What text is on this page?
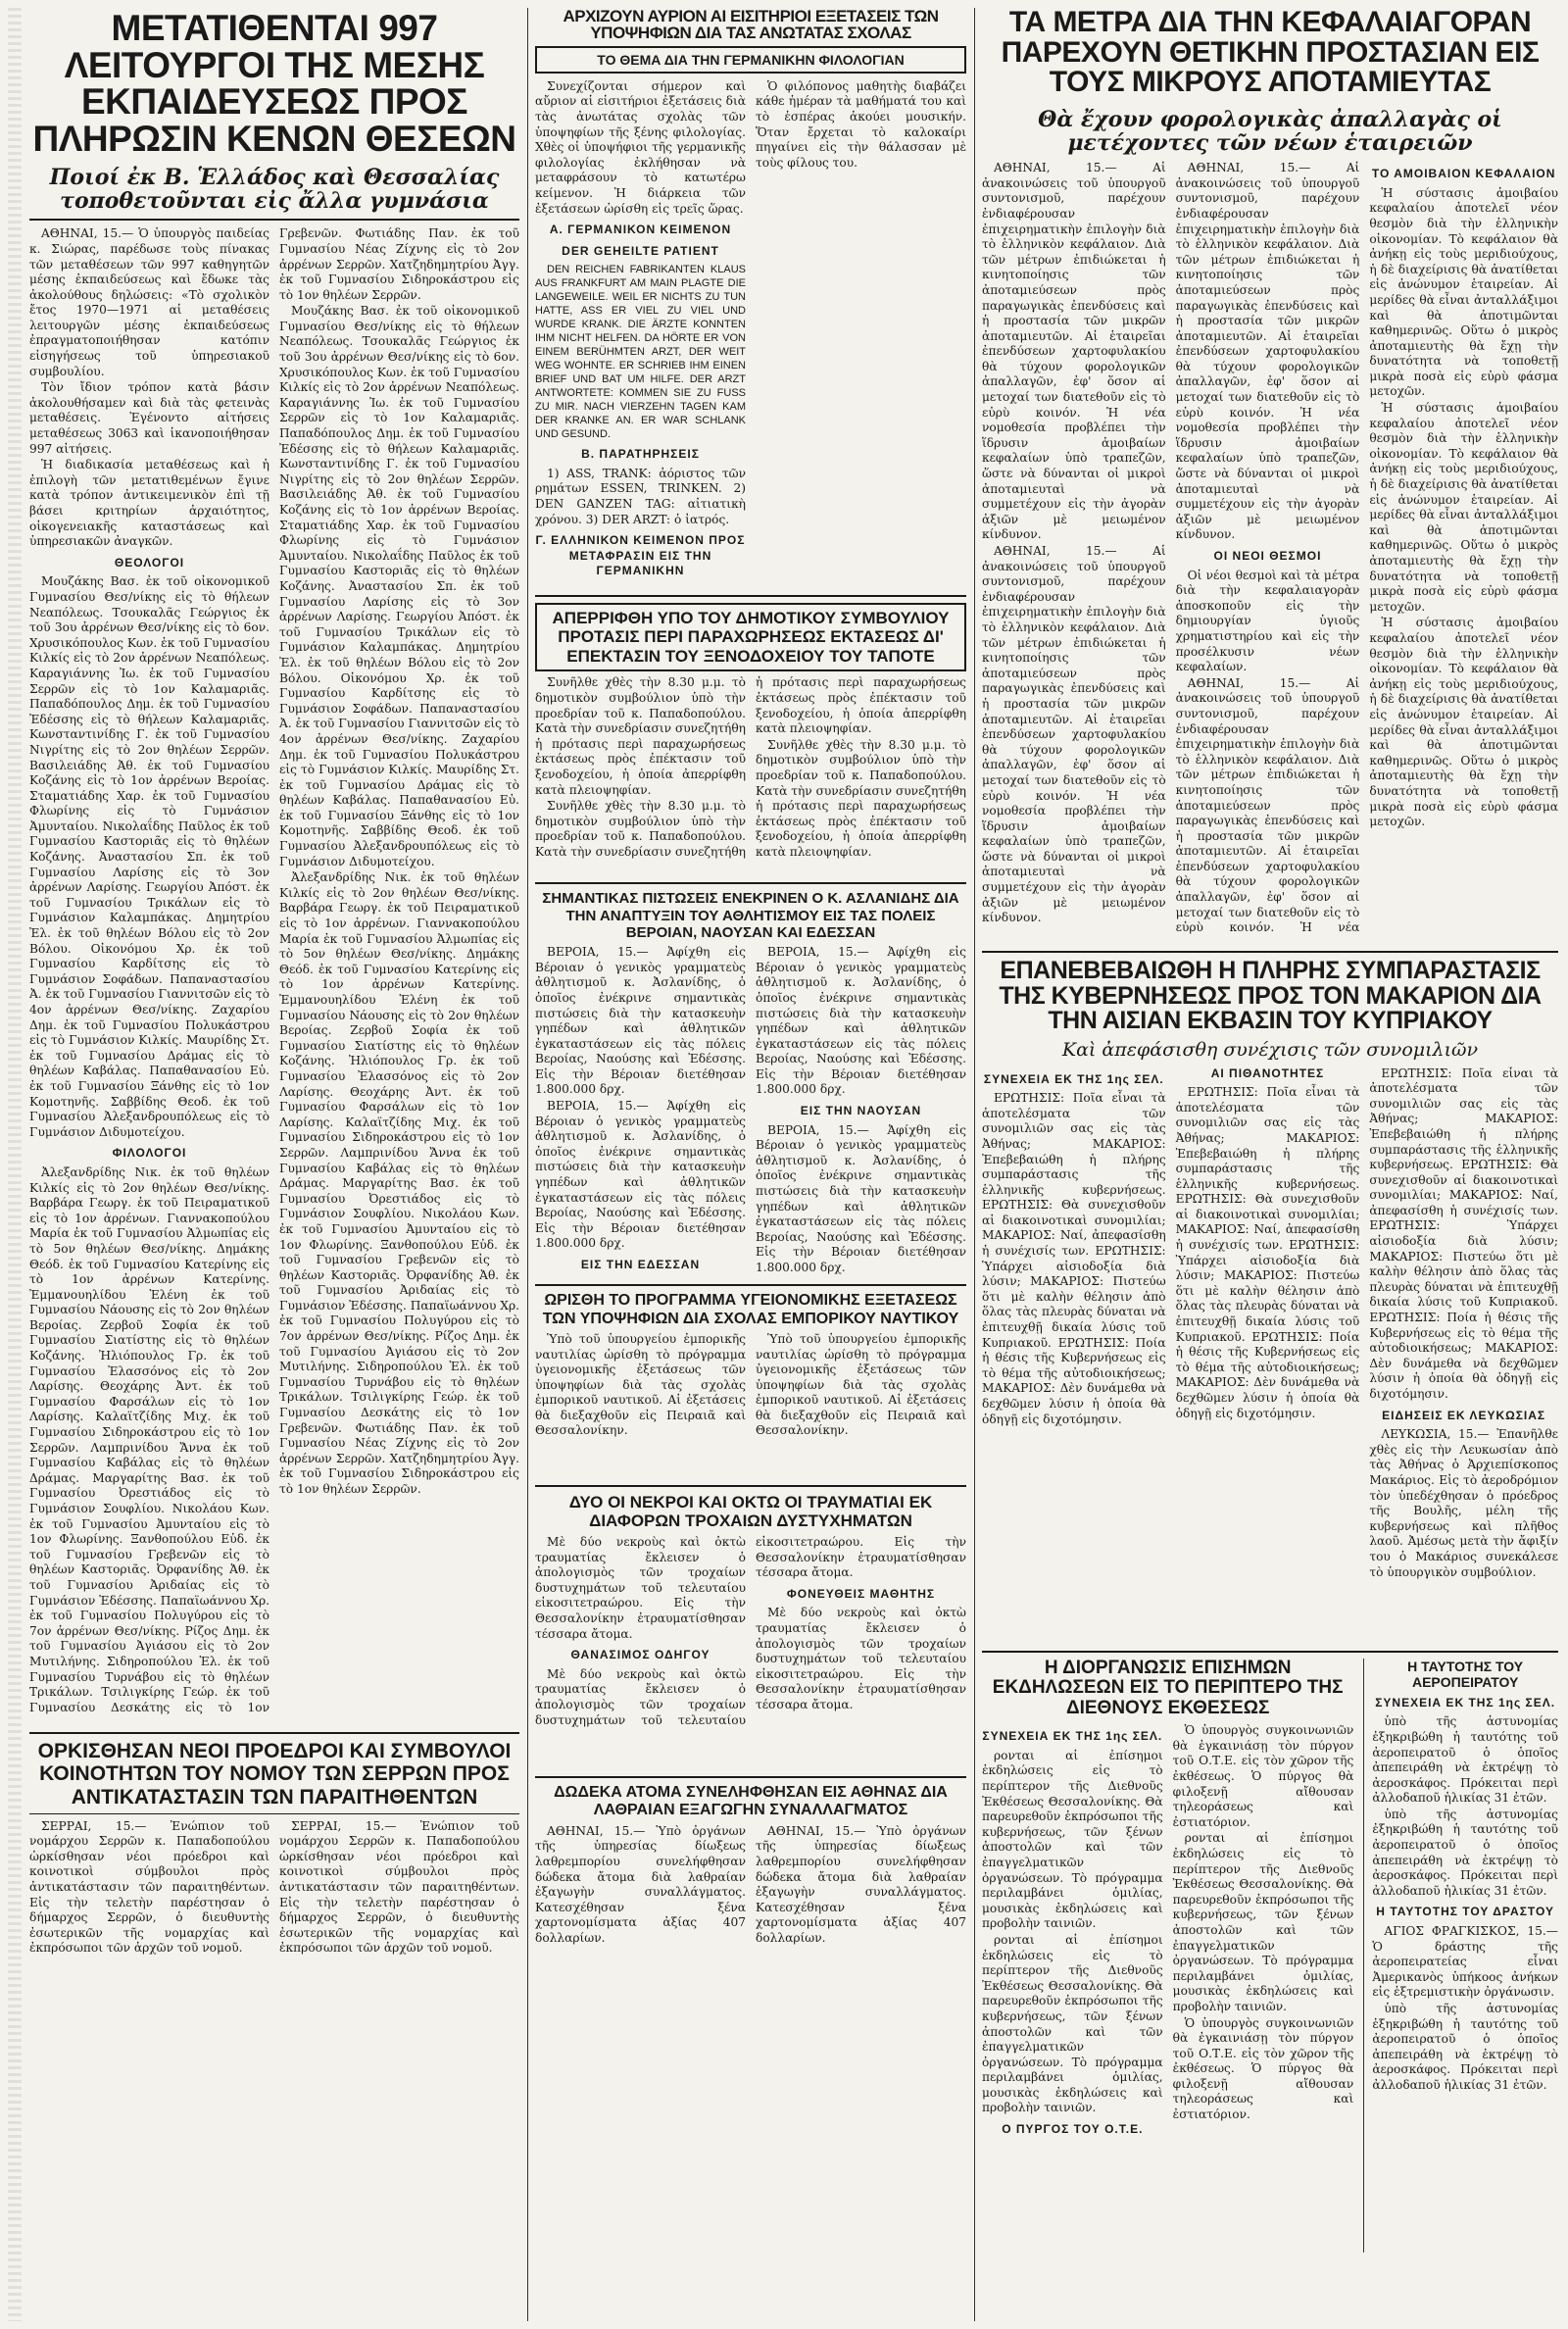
ΜΕΤΑΤΙΘΕΝΤΑΙ 997 ΛΕΙΤΟΥΡΓΟΙ ΤΗΣ ΜΕΣΗΣ ΕΚΠΑΙΔΕΥΣΕΩΣ ΠΡΟΣ ΠΛΗΡΩΣΙΝ ΚΕΝΩΝ ΘΕΣΕΩΝ
Ποιοί ἐκ Β. Ἑλλάδος καὶ Θεσσαλίας τοποθετοῦνται εἰς ἄλλα γυμνάσια

ΑΘΗΝΑΙ, 15.— Ὁ ὑπουργὸς παιδείας κ. Σιώρας, παρέδωσε τοὺς πίνακας τῶν μεταθέσεων τῶν 997 καθηγητῶν μέσης ἐκπαιδεύσεως καὶ ἔδωκε τὰς ἀκολούθους δηλώσεις: «Τὸ σχολικὸν ἔτος 1970—1971 αἱ μεταθέσεις λειτουργῶν μέσης ἐκπαιδεύσεως ἐπραγματοποιήθησαν κατόπιν εἰσηγήσεως τοῦ ὑπηρεσιακοῦ συμβουλίου.

Τὸν ἴδιον τρόπον κατὰ βάσιν ἀκολουθήσαμεν καὶ διὰ τὰς φετεινὰς μεταθέσεις. Ἐγένοντο αἰτήσεις μεταθέσεως 3063 καὶ ἱκανοποιήθησαν 997 αἰτήσεις.

Ἡ διαδικασία μεταθέσεως καὶ ἡ ἐπιλογὴ τῶν μετατιθεμένων ἔγινε κατὰ τρόπον ἀντικειμενικὸν ἐπὶ τῇ βάσει κριτηρίων ἀρχαιότητος, οἰκογενειακῆς καταστάσεως καὶ ὑπηρεσιακῶν ἀναγκῶν.

ΘΕΟΛΟΓΟΙ

Μουζάκης Βασ. ἐκ τοῦ οἰκονομικοῦ Γυμνασίου Θεσ/νίκης εἰς τὸ θήλεων Νεαπόλεως. Τσουκαλᾶς Γεώργιος ἐκ τοῦ 3ου ἀρρένων Θεσ/νίκης εἰς τὸ 6ον. Χρυσικόπουλος Κων. ἐκ τοῦ Γυμνασίου Κιλκίς εἰς τὸ 2ον ἀρρένων Νεαπόλεως. Καραγιάννης Ἰω. ἐκ τοῦ Γυμνασίου Σερρῶν εἰς τὸ 1ον Καλαμαριᾶς. Παπαδόπουλος Δημ. ἐκ τοῦ Γυμνασίου Ἐδέσσης εἰς τὸ θήλεων Καλαμαριᾶς. Κωνσταντινίδης Γ. ἐκ τοῦ Γυμνασίου Νιγρίτης εἰς τὸ 2ον θηλέων Σερρῶν. Βασιλειάδης Ἀθ. ἐκ τοῦ Γυμνασίου Κοζάνης εἰς τὸ 1ον ἀρρένων Βεροίας. Σταματιάδης Χαρ. ἐκ τοῦ Γυμνασίου Φλωρίνης εἰς τὸ Γυμνάσιον Ἀμυνταίου. Νικολαΐδης Παῦλος ἐκ τοῦ Γυμνασίου Καστοριᾶς εἰς τὸ θηλέων Κοζάνης. Ἀναστασίου Σπ. ἐκ τοῦ Γυμνασίου Λαρίσης εἰς τὸ 3ον ἀρρένων Λαρίσης. Γεωργίου Ἀπόστ. ἐκ τοῦ Γυμνασίου Τρικάλων εἰς τὸ Γυμνάσιον Καλαμπάκας. Δημητρίου Ἐλ. ἐκ τοῦ θηλέων Βόλου εἰς τὸ 2ον Βόλου. Οἰκονόμου Χρ. ἐκ τοῦ Γυμνασίου Καρδίτσης εἰς τὸ Γυμνάσιον Σοφάδων. Παπαναστασίου Ἀ. ἐκ τοῦ Γυμνασίου Γιαννιτσῶν εἰς τὸ 4ον ἀρρένων Θεσ/νίκης. Ζαχαρίου Δημ. ἐκ τοῦ Γυμνασίου Πολυκάστρου εἰς τὸ Γυμνάσιον Κιλκίς. Μαυρίδης Στ. ἐκ τοῦ Γυμνασίου Δράμας εἰς τὸ θηλέων Καβάλας. Παπαθανασίου Εὐ. ἐκ τοῦ Γυμνασίου Ξάνθης εἰς τὸ 1ον Κομοτηνῆς. Σαββίδης Θεοδ. ἐκ τοῦ Γυμνασίου Ἀλεξανδρουπόλεως εἰς τὸ Γυμνάσιον Διδυμοτείχου.

ΦΙΛΟΛΟΓΟΙ

Ἀλεξανδρίδης Νικ. ἐκ τοῦ θηλέων Κιλκίς εἰς τὸ 2ον θηλέων Θεσ/νίκης. Βαρβάρα Γεωργ. ἐκ τοῦ Πειραματικοῦ εἰς τὸ 1ον ἀρρένων. Γιαννακοπούλου Μαρία ἐκ τοῦ Γυμνασίου Ἀλμωπίας εἰς τὸ 5ον θηλέων Θεσ/νίκης. Δημάκης Θεόδ. ἐκ τοῦ Γυμνασίου Κατερίνης εἰς τὸ 1ον ἀρρένων Κατερίνης. Ἐμμανουηλίδου Ἑλένη ἐκ τοῦ Γυμνασίου Νάουσης εἰς τὸ 2ον θηλέων Βεροίας. Ζερβοῦ Σοφία ἐκ τοῦ Γυμνασίου Σιατίστης εἰς τὸ θηλέων Κοζάνης. Ἠλιόπουλος Γρ. ἐκ τοῦ Γυμνασίου Ἐλασσόνος εἰς τὸ 2ον Λαρίσης. Θεοχάρης Ἀντ. ἐκ τοῦ Γυμνασίου Φαρσάλων εἰς τὸ 1ον Λαρίσης. Καλαϊτζίδης Μιχ. ἐκ τοῦ Γυμνασίου Σιδηροκάστρου εἰς τὸ 1ον Σερρῶν. Λαμπρινίδου Ἄννα ἐκ τοῦ Γυμνασίου Καβάλας εἰς τὸ θηλέων Δράμας. Μαργαρίτης Βασ. ἐκ τοῦ Γυμνασίου Ὀρεστιάδος εἰς τὸ Γυμνάσιον Σουφλίου. Νικολάου Κων. ἐκ τοῦ Γυμνασίου Ἀμυνταίου εἰς τὸ 1ον Φλωρίνης. Ξανθοπούλου Εὐδ. ἐκ τοῦ Γυμνασίου Γρεβενῶν εἰς τὸ θηλέων Καστοριᾶς. Ὀρφανίδης Ἀθ. ἐκ τοῦ Γυμνασίου Ἀριδαίας εἰς τὸ Γυμνάσιον Ἐδέσσης. Παπαϊωάννου Χρ. ἐκ τοῦ Γυμνασίου Πολυγύρου εἰς τὸ 7ον ἀρρένων Θεσ/νίκης. Ρίζος Δημ. ἐκ τοῦ Γυμνασίου Ἀγιάσου εἰς τὸ 2ον Μυτιλήνης. Σιδηροπούλου Ἑλ. ἐκ τοῦ Γυμνασίου Τυρνάβου εἰς τὸ θηλέων Τρικάλων. Τσιλιγκίρης Γεώρ. ἐκ τοῦ Γυμνασίου Δεσκάτης εἰς τὸ 1ον Γρεβενῶν. Φωτιάδης Παν. ἐκ τοῦ Γυμνασίου Νέας Ζίχνης εἰς τὸ 2ον ἀρρένων Σερρῶν. Χατζηδημητρίου Ἀγγ. ἐκ τοῦ Γυμνασίου Σιδηροκάστρου εἰς τὸ 1ον θηλέων Σερρῶν.

Μουζάκης Βασ. ἐκ τοῦ οἰκονομικοῦ Γυμνασίου Θεσ/νίκης εἰς τὸ θήλεων Νεαπόλεως. Τσουκαλᾶς Γεώργιος ἐκ τοῦ 3ου ἀρρένων Θεσ/νίκης εἰς τὸ 6ον. Χρυσικόπουλος Κων. ἐκ τοῦ Γυμνασίου Κιλκίς εἰς τὸ 2ον ἀρρένων Νεαπόλεως. Καραγιάννης Ἰω. ἐκ τοῦ Γυμνασίου Σερρῶν εἰς τὸ 1ον Καλαμαριᾶς. Παπαδόπουλος Δημ. ἐκ τοῦ Γυμνασίου Ἐδέσσης εἰς τὸ θήλεων Καλαμαριᾶς. Κωνσταντινίδης Γ. ἐκ τοῦ Γυμνασίου Νιγρίτης εἰς τὸ 2ον θηλέων Σερρῶν. Βασιλειάδης Ἀθ. ἐκ τοῦ Γυμνασίου Κοζάνης εἰς τὸ 1ον ἀρρένων Βεροίας. Σταματιάδης Χαρ. ἐκ τοῦ Γυμνασίου Φλωρίνης εἰς τὸ Γυμνάσιον Ἀμυνταίου. Νικολαΐδης Παῦλος ἐκ τοῦ Γυμνασίου Καστοριᾶς εἰς τὸ θηλέων Κοζάνης. Ἀναστασίου Σπ. ἐκ τοῦ Γυμνασίου Λαρίσης εἰς τὸ 3ον ἀρρένων Λαρίσης. Γεωργίου Ἀπόστ. ἐκ τοῦ Γυμνασίου Τρικάλων εἰς τὸ Γυμνάσιον Καλαμπάκας. Δημητρίου Ἐλ. ἐκ τοῦ θηλέων Βόλου εἰς τὸ 2ον Βόλου. Οἰκονόμου Χρ. ἐκ τοῦ Γυμνασίου Καρδίτσης εἰς τὸ Γυμνάσιον Σοφάδων. Παπαναστασίου Ἀ. ἐκ τοῦ Γυμνασίου Γιαννιτσῶν εἰς τὸ 4ον ἀρρένων Θεσ/νίκης. Ζαχαρίου Δημ. ἐκ τοῦ Γυμνασίου Πολυκάστρου εἰς τὸ Γυμνάσιον Κιλκίς. Μαυρίδης Στ. ἐκ τοῦ Γυμνασίου Δράμας εἰς τὸ θηλέων Καβάλας. Παπαθανασίου Εὐ. ἐκ τοῦ Γυμνασίου Ξάνθης εἰς τὸ 1ον Κομοτηνῆς. Σαββίδης Θεοδ. ἐκ τοῦ Γυμνασίου Ἀλεξανδρουπόλεως εἰς τὸ Γυμνάσιον Διδυμοτείχου.

Ἀλεξανδρίδης Νικ. ἐκ τοῦ θηλέων Κιλκίς εἰς τὸ 2ον θηλέων Θεσ/νίκης. Βαρβάρα Γεωργ. ἐκ τοῦ Πειραματικοῦ εἰς τὸ 1ον ἀρρένων. Γιαννακοπούλου Μαρία ἐκ τοῦ Γυμνασίου Ἀλμωπίας εἰς τὸ 5ον θηλέων Θεσ/νίκης. Δημάκης Θεόδ. ἐκ τοῦ Γυμνασίου Κατερίνης εἰς τὸ 1ον ἀρρένων Κατερίνης. Ἐμμανουηλίδου Ἑλένη ἐκ τοῦ Γυμνασίου Νάουσης εἰς τὸ 2ον θηλέων Βεροίας. Ζερβοῦ Σοφία ἐκ τοῦ Γυμνασίου Σιατίστης εἰς τὸ θηλέων Κοζάνης. Ἠλιόπουλος Γρ. ἐκ τοῦ Γυμνασίου Ἐλασσόνος εἰς τὸ 2ον Λαρίσης. Θεοχάρης Ἀντ. ἐκ τοῦ Γυμνασίου Φαρσάλων εἰς τὸ 1ον Λαρίσης. Καλαϊτζίδης Μιχ. ἐκ τοῦ Γυμνασίου Σιδηροκάστρου εἰς τὸ 1ον Σερρῶν. Λαμπρινίδου Ἄννα ἐκ τοῦ Γυμνασίου Καβάλας εἰς τὸ θηλέων Δράμας. Μαργαρίτης Βασ. ἐκ τοῦ Γυμνασίου Ὀρεστιάδος εἰς τὸ Γυμνάσιον Σουφλίου. Νικολάου Κων. ἐκ τοῦ Γυμνασίου Ἀμυνταίου εἰς τὸ 1ον Φλωρίνης. Ξανθοπούλου Εὐδ. ἐκ τοῦ Γυμνασίου Γρεβενῶν εἰς τὸ θηλέων Καστοριᾶς. Ὀρφανίδης Ἀθ. ἐκ τοῦ Γυμνασίου Ἀριδαίας εἰς τὸ Γυμνάσιον Ἐδέσσης. Παπαϊωάννου Χρ. ἐκ τοῦ Γυμνασίου Πολυγύρου εἰς τὸ 7ον ἀρρένων Θεσ/νίκης. Ρίζος Δημ. ἐκ τοῦ Γυμνασίου Ἀγιάσου εἰς τὸ 2ον Μυτιλήνης. Σιδηροπούλου Ἑλ. ἐκ τοῦ Γυμνασίου Τυρνάβου εἰς τὸ θηλέων Τρικάλων. Τσιλιγκίρης Γεώρ. ἐκ τοῦ Γυμνασίου Δεσκάτης εἰς τὸ 1ον Γρεβενῶν. Φωτιάδης Παν. ἐκ τοῦ Γυμνασίου Νέας Ζίχνης εἰς τὸ 2ον ἀρρένων Σερρῶν. Χατζηδημητρίου Ἀγγ. ἐκ τοῦ Γυμνασίου Σιδηροκάστρου εἰς τὸ 1ον θηλέων Σερρῶν.

ΟΡΚΙΣΘΗΣΑΝ ΝΕΟΙ ΠΡΟΕΔΡΟΙ ΚΑΙ ΣΥΜΒΟΥΛΟΙ ΚΟΙΝΟΤΗΤΩΝ ΤΟΥ ΝΟΜΟΥ ΤΩΝ ΣΕΡΡΩΝ ΠΡΟΣ ΑΝΤΙΚΑΤΑΣΤΑΣΙΝ ΤΩΝ ΠΑΡΑΙΤΗΘΕΝΤΩΝ

ΣΕΡΡΑΙ, 15.— Ἐνώπιον τοῦ νομάρχου Σερρῶν κ. Παπαδοπούλου ὡρκίσθησαν νέοι πρόεδροι καὶ κοινοτικοὶ σύμβουλοι πρὸς ἀντικατάστασιν τῶν παραιτηθέντων. Εἰς τὴν τελετὴν παρέστησαν ὁ δήμαρχος Σερρῶν, ὁ διευθυντὴς ἐσωτερικῶν τῆς νομαρχίας καὶ ἐκπρόσωποι τῶν ἀρχῶν τοῦ νομοῦ.

ΣΕΡΡΑΙ, 15.— Ἐνώπιον τοῦ νομάρχου Σερρῶν κ. Παπαδοπούλου ὡρκίσθησαν νέοι πρόεδροι καὶ κοινοτικοὶ σύμβουλοι πρὸς ἀντικατάστασιν τῶν παραιτηθέντων. Εἰς τὴν τελετὴν παρέστησαν ὁ δήμαρχος Σερρῶν, ὁ διευθυντὴς ἐσωτερικῶν τῆς νομαρχίας καὶ ἐκπρόσωποι τῶν ἀρχῶν τοῦ νομοῦ.

ΑΡΧΙΖΟΥΝ ΑΥΡΙΟΝ ΑΙ ΕΙΣΙΤΗΡΙΟΙ ΕΞΕΤΑΣΕΙΣ ΤΩΝ ΥΠΟΨΗΦΙΩΝ ΔΙΑ ΤΑΣ ΑΝΩΤΑΤΑΣ ΣΧΟΛΑΣ
ΤΟ ΘΕΜΑ ΔΙΑ ΤΗΝ ΓΕΡΜΑΝΙΚΗΝ ΦΙΛΟΛΟΓΙΑΝ

Συνεχίζονται σήμερον καὶ αὔριον αἱ εἰσιτήριοι ἐξετάσεις διὰ τὰς ἀνωτάτας σχολὰς τῶν ὑποψηφίων τῆς ξένης φιλολογίας. Χθὲς οἱ ὑποψήφιοι τῆς γερμανικῆς φιλολογίας ἐκλήθησαν νὰ μεταφράσουν τὸ κατωτέρω κείμενον. Ἡ διάρκεια τῶν ἐξετάσεων ὡρίσθη εἰς τρεῖς ὥρας.

Α. ΓΕΡΜΑΝΙΚΟΝ ΚΕΙΜΕΝΟΝ
DER GEHEILTE PATIENT

DEN REICHEN FABRIKANTEN KLAUS AUS FRANKFURT AM MAIN PLAGTE DIE LANGEWEILE. WEIL ER NICHTS ZU TUN HATTE, ASS ER VIEL ZU VIEL UND WURDE KRANK. DIE ÄRZTE KONNTEN IHM NICHT HELFEN. DA HÖRTE ER VON EINEM BERÜHMTEN ARZT, DER WEIT WEG WOHNTE. ER SCHRIEB IHM EINEN BRIEF UND BAT UM HILFE. DER ARZT ANTWORTETE: KOMMEN SIE ZU FUSS ZU MIR. NACH VIERZEHN TAGEN KAM DER KRANKE AN. ER WAR SCHLANK UND GESUND.

Β. ΠΑΡΑΤΗΡΗΣΕΙΣ

1) ASS, TRANK: ἀόριστος τῶν ρημάτων ESSEN, TRINKEN. 2) DEN GANZEN TAG: αἰτιατικὴ χρόνου. 3) DER ARZT: ὁ ἰατρός.

Γ. ΕΛΛΗΝΙΚΟΝ ΚΕΙΜΕΝΟΝ ΠΡΟΣ ΜΕΤΑΦΡΑΣΙΝ ΕΙΣ ΤΗΝ ΓΕΡΜΑΝΙΚΗΝ

Ὁ φιλόπονος μαθητὴς διαβάζει κάθε ἡμέραν τὰ μαθήματά του καὶ τὸ ἑσπέρας ἀκούει μουσικήν. Ὅταν ἔρχεται τὸ καλοκαίρι πηγαίνει εἰς τὴν θάλασσαν μὲ τοὺς φίλους του.

ΑΠΕΡΡΙΦΘΗ ΥΠΟ ΤΟΥ ΔΗΜΟΤΙΚΟΥ ΣΥΜΒΟΥΛΙΟΥ ΠΡΟΤΑΣΙΣ ΠΕΡΙ ΠΑΡΑΧΩΡΗΣΕΩΣ ΕΚΤΑΣΕΩΣ ΔΙ' ΕΠΕΚΤΑΣΙΝ ΤΟΥ ΞΕΝΟΔΟΧΕΙΟΥ ΤΟΥ ΤΑΠΟΤΕ

Συνῆλθε χθὲς τὴν 8.30 μ.μ. τὸ δημοτικὸν συμβούλιον ὑπὸ τὴν προεδρίαν τοῦ κ. Παπαδοπούλου. Κατὰ τὴν συνεδρίασιν συνεζητήθη ἡ πρότασις περὶ παραχωρήσεως ἐκτάσεως πρὸς ἐπέκτασιν τοῦ ξενοδοχείου, ἡ ὁποία ἀπερρίφθη κατὰ πλειοψηφίαν.

Συνῆλθε χθὲς τὴν 8.30 μ.μ. τὸ δημοτικὸν συμβούλιον ὑπὸ τὴν προεδρίαν τοῦ κ. Παπαδοπούλου. Κατὰ τὴν συνεδρίασιν συνεζητήθη ἡ πρότασις περὶ παραχωρήσεως ἐκτάσεως πρὸς ἐπέκτασιν τοῦ ξενοδοχείου, ἡ ὁποία ἀπερρίφθη κατὰ πλειοψηφίαν.

Συνῆλθε χθὲς τὴν 8.30 μ.μ. τὸ δημοτικὸν συμβούλιον ὑπὸ τὴν προεδρίαν τοῦ κ. Παπαδοπούλου. Κατὰ τὴν συνεδρίασιν συνεζητήθη ἡ πρότασις περὶ παραχωρήσεως ἐκτάσεως πρὸς ἐπέκτασιν τοῦ ξενοδοχείου, ἡ ὁποία ἀπερρίφθη κατὰ πλειοψηφίαν.

ΣΗΜΑΝΤΙΚΑΣ ΠΙΣΤΩΣΕΙΣ ΕΝΕΚΡΙΝΕΝ Ο Κ. ΑΣΛΑΝΙΔΗΣ ΔΙΑ ΤΗΝ ΑΝΑΠΤΥΞΙΝ ΤΟΥ ΑΘΛΗΤΙΣΜΟΥ ΕΙΣ ΤΑΣ ΠΟΛΕΙΣ ΒΕΡΟΙΑΝ, ΝΑΟΥΣΑΝ ΚΑΙ ΕΔΕΣΣΑΝ

ΒΕΡΟΙΑ, 15.— Ἀφίχθη εἰς Βέροιαν ὁ γενικὸς γραμματεὺς ἀθλητισμοῦ κ. Ἀσλανίδης, ὁ ὁποῖος ἐνέκρινε σημαντικὰς πιστώσεις διὰ τὴν κατασκευὴν γηπέδων καὶ ἀθλητικῶν ἐγκαταστάσεων εἰς τὰς πόλεις Βεροίας, Ναούσης καὶ Ἐδέσσης. Εἰς τὴν Βέροιαν διετέθησαν 1.800.000 δρχ.

ΒΕΡΟΙΑ, 15.— Ἀφίχθη εἰς Βέροιαν ὁ γενικὸς γραμματεὺς ἀθλητισμοῦ κ. Ἀσλανίδης, ὁ ὁποῖος ἐνέκρινε σημαντικὰς πιστώσεις διὰ τὴν κατασκευὴν γηπέδων καὶ ἀθλητικῶν ἐγκαταστάσεων εἰς τὰς πόλεις Βεροίας, Ναούσης καὶ Ἐδέσσης. Εἰς τὴν Βέροιαν διετέθησαν 1.800.000 δρχ.

ΕΙΣ ΤΗΝ ΕΔΕΣΣΑΝ

ΒΕΡΟΙΑ, 15.— Ἀφίχθη εἰς Βέροιαν ὁ γενικὸς γραμματεὺς ἀθλητισμοῦ κ. Ἀσλανίδης, ὁ ὁποῖος ἐνέκρινε σημαντικὰς πιστώσεις διὰ τὴν κατασκευὴν γηπέδων καὶ ἀθλητικῶν ἐγκαταστάσεων εἰς τὰς πόλεις Βεροίας, Ναούσης καὶ Ἐδέσσης. Εἰς τὴν Βέροιαν διετέθησαν 1.800.000 δρχ.

ΕΙΣ ΤΗΝ ΝΑΟΥΣΑΝ

ΒΕΡΟΙΑ, 15.— Ἀφίχθη εἰς Βέροιαν ὁ γενικὸς γραμματεὺς ἀθλητισμοῦ κ. Ἀσλανίδης, ὁ ὁποῖος ἐνέκρινε σημαντικὰς πιστώσεις διὰ τὴν κατασκευὴν γηπέδων καὶ ἀθλητικῶν ἐγκαταστάσεων εἰς τὰς πόλεις Βεροίας, Ναούσης καὶ Ἐδέσσης. Εἰς τὴν Βέροιαν διετέθησαν 1.800.000 δρχ.

ΩΡΙΣΘΗ ΤΟ ΠΡΟΓΡΑΜΜΑ ΥΓΕΙΟΝΟΜΙΚΗΣ ΕΞΕΤΑΣΕΩΣ ΤΩΝ ΥΠΟΨΗΦΙΩΝ ΔΙΑ ΣΧΟΛΑΣ ΕΜΠΟΡΙΚΟΥ ΝΑΥΤΙΚΟΥ

Ὑπὸ τοῦ ὑπουργείου ἐμπορικῆς ναυτιλίας ὡρίσθη τὸ πρόγραμμα ὑγειονομικῆς ἐξετάσεως τῶν ὑποψηφίων διὰ τὰς σχολὰς ἐμπορικοῦ ναυτικοῦ. Αἱ ἐξετάσεις θὰ διεξαχθοῦν εἰς Πειραιᾶ καὶ Θεσσαλονίκην.

Ὑπὸ τοῦ ὑπουργείου ἐμπορικῆς ναυτιλίας ὡρίσθη τὸ πρόγραμμα ὑγειονομικῆς ἐξετάσεως τῶν ὑποψηφίων διὰ τὰς σχολὰς ἐμπορικοῦ ναυτικοῦ. Αἱ ἐξετάσεις θὰ διεξαχθοῦν εἰς Πειραιᾶ καὶ Θεσσαλονίκην.

ΔΥΟ ΟΙ ΝΕΚΡΟΙ ΚΑΙ ΟΚΤΩ ΟΙ ΤΡΑΥΜΑΤΙΑΙ ΕΚ ΔΙΑΦΟΡΩΝ ΤΡΟΧΑΙΩΝ ΔΥΣΤΥΧΗΜΑΤΩΝ

Μὲ δύο νεκροὺς καὶ ὀκτὼ τραυματίας ἔκλεισεν ὁ ἀπολογισμὸς τῶν τροχαίων δυστυχημάτων τοῦ τελευταίου εἰκοσιτετραώρου. Εἰς τὴν Θεσσαλονίκην ἐτραυματίσθησαν τέσσαρα ἄτομα.

ΘΑΝΑΣΙΜΟΣ ΟΔΗΓΟΥ

Μὲ δύο νεκροὺς καὶ ὀκτὼ τραυματίας ἔκλεισεν ὁ ἀπολογισμὸς τῶν τροχαίων δυστυχημάτων τοῦ τελευταίου εἰκοσιτετραώρου. Εἰς τὴν Θεσσαλονίκην ἐτραυματίσθησαν τέσσαρα ἄτομα.

ΦΟΝΕΥΘΕΙΣ ΜΑΘΗΤΗΣ

Μὲ δύο νεκροὺς καὶ ὀκτὼ τραυματίας ἔκλεισεν ὁ ἀπολογισμὸς τῶν τροχαίων δυστυχημάτων τοῦ τελευταίου εἰκοσιτετραώρου. Εἰς τὴν Θεσσαλονίκην ἐτραυματίσθησαν τέσσαρα ἄτομα.

ΔΩΔΕΚΑ ΑΤΟΜΑ ΣΥΝΕΛΗΦΘΗΣΑΝ ΕΙΣ ΑΘΗΝΑΣ ΔΙΑ ΛΑΘΡΑΙΑΝ ΕΞΑΓΩΓΗΝ ΣΥΝΑΛΛΑΓΜΑΤΟΣ

ΑΘΗΝΑΙ, 15.— Ὑπὸ ὀργάνων τῆς ὑπηρεσίας δίωξεως λαθρεμπορίου συνελήφθησαν δώδεκα ἄτομα διὰ λαθραίαν ἐξαγωγὴν συναλλάγματος. Κατεσχέθησαν ξένα χαρτονομίσματα ἀξίας 407 δολλαρίων.

ΑΘΗΝΑΙ, 15.— Ὑπὸ ὀργάνων τῆς ὑπηρεσίας δίωξεως λαθρεμπορίου συνελήφθησαν δώδεκα ἄτομα διὰ λαθραίαν ἐξαγωγὴν συναλλάγματος. Κατεσχέθησαν ξένα χαρτονομίσματα ἀξίας 407 δολλαρίων.

ΤΑ ΜΕΤΡΑ ΔΙΑ ΤΗΝ ΚΕΦΑΛΑΙΑΓΟΡΑΝ ΠΑΡΕΧΟΥΝ ΘΕΤΙΚΗΝ ΠΡΟΣΤΑΣΙΑΝ ΕΙΣ ΤΟΥΣ ΜΙΚΡΟΥΣ ΑΠΟΤΑΜΙΕΥΤΑΣ
Θὰ ἔχουν φορολογικὰς ἀπαλλαγὰς οἱ μετέχοντες τῶν νέων ἑταιρειῶν

ΑΘΗΝΑΙ, 15.— Αἱ ἀνακοινώσεις τοῦ ὑπουργοῦ συντονισμοῦ, παρέχουν ἐνδιαφέρουσαν ἐπιχειρηματικὴν ἐπιλογὴν διὰ τὸ ἑλληνικὸν κεφάλαιον. Διὰ τῶν μέτρων ἐπιδιώκεται ἡ κινητοποίησις τῶν ἀποταμιεύσεων πρὸς παραγωγικὰς ἐπενδύσεις καὶ ἡ προστασία τῶν μικρῶν ἀποταμιευτῶν. Αἱ ἑταιρεῖαι ἐπενδύσεων χαρτοφυλακίου θὰ τύχουν φορολογικῶν ἀπαλλαγῶν, ἐφ' ὅσον αἱ μετοχαί των διατεθοῦν εἰς τὸ εὐρὺ κοινόν. Ἡ νέα νομοθεσία προβλέπει τὴν ἵδρυσιν ἀμοιβαίων κεφαλαίων ὑπὸ τραπεζῶν, ὥστε νὰ δύνανται οἱ μικροὶ ἀποταμιευταὶ νὰ συμμετέχουν εἰς τὴν ἀγορὰν ἀξιῶν μὲ μειωμένον κίνδυνον.

ΑΘΗΝΑΙ, 15.— Αἱ ἀνακοινώσεις τοῦ ὑπουργοῦ συντονισμοῦ, παρέχουν ἐνδιαφέρουσαν ἐπιχειρηματικὴν ἐπιλογὴν διὰ τὸ ἑλληνικὸν κεφάλαιον. Διὰ τῶν μέτρων ἐπιδιώκεται ἡ κινητοποίησις τῶν ἀποταμιεύσεων πρὸς παραγωγικὰς ἐπενδύσεις καὶ ἡ προστασία τῶν μικρῶν ἀποταμιευτῶν. Αἱ ἑταιρεῖαι ἐπενδύσεων χαρτοφυλακίου θὰ τύχουν φορολογικῶν ἀπαλλαγῶν, ἐφ' ὅσον αἱ μετοχαί των διατεθοῦν εἰς τὸ εὐρὺ κοινόν. Ἡ νέα νομοθεσία προβλέπει τὴν ἵδρυσιν ἀμοιβαίων κεφαλαίων ὑπὸ τραπεζῶν, ὥστε νὰ δύνανται οἱ μικροὶ ἀποταμιευταὶ νὰ συμμετέχουν εἰς τὴν ἀγορὰν ἀξιῶν μὲ μειωμένον κίνδυνον.

ΑΘΗΝΑΙ, 15.— Αἱ ἀνακοινώσεις τοῦ ὑπουργοῦ συντονισμοῦ, παρέχουν ἐνδιαφέρουσαν ἐπιχειρηματικὴν ἐπιλογὴν διὰ τὸ ἑλληνικὸν κεφάλαιον. Διὰ τῶν μέτρων ἐπιδιώκεται ἡ κινητοποίησις τῶν ἀποταμιεύσεων πρὸς παραγωγικὰς ἐπενδύσεις καὶ ἡ προστασία τῶν μικρῶν ἀποταμιευτῶν. Αἱ ἑταιρεῖαι ἐπενδύσεων χαρτοφυλακίου θὰ τύχουν φορολογικῶν ἀπαλλαγῶν, ἐφ' ὅσον αἱ μετοχαί των διατεθοῦν εἰς τὸ εὐρὺ κοινόν. Ἡ νέα νομοθεσία προβλέπει τὴν ἵδρυσιν ἀμοιβαίων κεφαλαίων ὑπὸ τραπεζῶν, ὥστε νὰ δύνανται οἱ μικροὶ ἀποταμιευταὶ νὰ συμμετέχουν εἰς τὴν ἀγορὰν ἀξιῶν μὲ μειωμένον κίνδυνον.

ΟΙ ΝΕΟΙ ΘΕΣΜΟΙ

Οἱ νέοι θεσμοὶ καὶ τὰ μέτρα διὰ τὴν κεφαλαιαγορὰν ἀποσκοποῦν εἰς τὴν δημιουργίαν ὑγιοῦς χρηματιστηρίου καὶ εἰς τὴν προσέλκυσιν νέων κεφαλαίων.

ΑΘΗΝΑΙ, 15.— Αἱ ἀνακοινώσεις τοῦ ὑπουργοῦ συντονισμοῦ, παρέχουν ἐνδιαφέρουσαν ἐπιχειρηματικὴν ἐπιλογὴν διὰ τὸ ἑλληνικὸν κεφάλαιον. Διὰ τῶν μέτρων ἐπιδιώκεται ἡ κινητοποίησις τῶν ἀποταμιεύσεων πρὸς παραγωγικὰς ἐπενδύσεις καὶ ἡ προστασία τῶν μικρῶν ἀποταμιευτῶν. Αἱ ἑταιρεῖαι ἐπενδύσεων χαρτοφυλακίου θὰ τύχουν φορολογικῶν ἀπαλλαγῶν, ἐφ' ὅσον αἱ μετοχαί των διατεθοῦν εἰς τὸ εὐρὺ κοινόν. Ἡ νέα

ΤΟ ΑΜΟΙΒΑΙΟΝ ΚΕΦΑΛΑΙΟΝ

Ἡ σύστασις ἀμοιβαίου κεφαλαίου ἀποτελεῖ νέον θεσμὸν διὰ τὴν ἑλληνικὴν οἰκονομίαν. Τὸ κεφάλαιον θὰ ἀνήκῃ εἰς τοὺς μεριδιούχους, ἡ δὲ διαχείρισις θὰ ἀνατίθεται εἰς ἀνώνυμον ἑταιρείαν. Αἱ μερίδες θὰ εἶναι ἀνταλλάξιμοι καὶ θὰ ἀποτιμῶνται καθημερινῶς. Οὕτω ὁ μικρὸς ἀποταμιευτὴς θὰ ἔχῃ τὴν δυνατότητα νὰ τοποθετῇ μικρὰ ποσὰ εἰς εὐρὺ φάσμα μετοχῶν.

Ἡ σύστασις ἀμοιβαίου κεφαλαίου ἀποτελεῖ νέον θεσμὸν διὰ τὴν ἑλληνικὴν οἰκονομίαν. Τὸ κεφάλαιον θὰ ἀνήκῃ εἰς τοὺς μεριδιούχους, ἡ δὲ διαχείρισις θὰ ἀνατίθεται εἰς ἀνώνυμον ἑταιρείαν. Αἱ μερίδες θὰ εἶναι ἀνταλλάξιμοι καὶ θὰ ἀποτιμῶνται καθημερινῶς. Οὕτω ὁ μικρὸς ἀποταμιευτὴς θὰ ἔχῃ τὴν δυνατότητα νὰ τοποθετῇ μικρὰ ποσὰ εἰς εὐρὺ φάσμα μετοχῶν.

Ἡ σύστασις ἀμοιβαίου κεφαλαίου ἀποτελεῖ νέον θεσμὸν διὰ τὴν ἑλληνικὴν οἰκονομίαν. Τὸ κεφάλαιον θὰ ἀνήκῃ εἰς τοὺς μεριδιούχους, ἡ δὲ διαχείρισις θὰ ἀνατίθεται εἰς ἀνώνυμον ἑταιρείαν. Αἱ μερίδες θὰ εἶναι ἀνταλλάξιμοι καὶ θὰ ἀποτιμῶνται καθημερινῶς. Οὕτω ὁ μικρὸς ἀποταμιευτὴς θὰ ἔχῃ τὴν δυνατότητα νὰ τοποθετῇ μικρὰ ποσὰ εἰς εὐρὺ φάσμα μετοχῶν.

ΕΠΑΝΕΒΕΒΑΙΩΘΗ Η ΠΛΗΡΗΣ ΣΥΜΠΑΡΑΣΤΑΣΙΣ ΤΗΣ ΚΥΒΕΡΝΗΣΕΩΣ ΠΡΟΣ ΤΟΝ ΜΑΚΑΡΙΟΝ ΔΙΑ ΤΗΝ ΑΙΣΙΑΝ ΕΚΒΑΣΙΝ ΤΟΥ ΚΥΠΡΙΑΚΟΥ
Καὶ ἀπεφάσισθη συνέχισις τῶν συνομιλιῶν
ΣΥΝΕΧΕΙΑ ΕΚ ΤΗΣ 1ης ΣΕΛ.

ΕΡΩΤΗΣΙΣ: Ποῖα εἶναι τὰ ἀποτελέσματα τῶν συνομιλιῶν σας εἰς τὰς Ἀθήνας; ΜΑΚΑΡΙΟΣ: Ἐπεβεβαιώθη ἡ πλήρης συμπαράστασις τῆς ἑλληνικῆς κυβερνήσεως. ΕΡΩΤΗΣΙΣ: Θὰ συνεχισθοῦν αἱ διακοινοτικαὶ συνομιλίαι; ΜΑΚΑΡΙΟΣ: Ναί, ἀπεφασίσθη ἡ συνέχισίς των. ΕΡΩΤΗΣΙΣ: Ὑπάρχει αἰσιοδοξία διὰ λύσιν; ΜΑΚΑΡΙΟΣ: Πιστεύω ὅτι μὲ καλὴν θέλησιν ἀπὸ ὅλας τὰς πλευρὰς δύναται νὰ ἐπιτευχθῇ δικαία λύσις τοῦ Κυπριακοῦ. ΕΡΩΤΗΣΙΣ: Ποία ἡ θέσις τῆς Κυβερνήσεως εἰς τὸ θέμα τῆς αὐτοδιοικήσεως; ΜΑΚΑΡΙΟΣ: Δὲν δυνάμεθα νὰ δεχθῶμεν λύσιν ἡ ὁποία θὰ ὁδηγῇ εἰς διχοτόμησιν.

ΑΙ ΠΙΘΑΝΟΤΗΤΕΣ

ΕΡΩΤΗΣΙΣ: Ποῖα εἶναι τὰ ἀποτελέσματα τῶν συνομιλιῶν σας εἰς τὰς Ἀθήνας; ΜΑΚΑΡΙΟΣ: Ἐπεβεβαιώθη ἡ πλήρης συμπαράστασις τῆς ἑλληνικῆς κυβερνήσεως. ΕΡΩΤΗΣΙΣ: Θὰ συνεχισθοῦν αἱ διακοινοτικαὶ συνομιλίαι; ΜΑΚΑΡΙΟΣ: Ναί, ἀπεφασίσθη ἡ συνέχισίς των. ΕΡΩΤΗΣΙΣ: Ὑπάρχει αἰσιοδοξία διὰ λύσιν; ΜΑΚΑΡΙΟΣ: Πιστεύω ὅτι μὲ καλὴν θέλησιν ἀπὸ ὅλας τὰς πλευρὰς δύναται νὰ ἐπιτευχθῇ δικαία λύσις τοῦ Κυπριακοῦ. ΕΡΩΤΗΣΙΣ: Ποία ἡ θέσις τῆς Κυβερνήσεως εἰς τὸ θέμα τῆς αὐτοδιοικήσεως; ΜΑΚΑΡΙΟΣ: Δὲν δυνάμεθα νὰ δεχθῶμεν λύσιν ἡ ὁποία θὰ ὁδηγῇ εἰς διχοτόμησιν.

ΕΡΩΤΗΣΙΣ: Ποῖα εἶναι τὰ ἀποτελέσματα τῶν συνομιλιῶν σας εἰς τὰς Ἀθήνας; ΜΑΚΑΡΙΟΣ: Ἐπεβεβαιώθη ἡ πλήρης συμπαράστασις τῆς ἑλληνικῆς κυβερνήσεως. ΕΡΩΤΗΣΙΣ: Θὰ συνεχισθοῦν αἱ διακοινοτικαὶ συνομιλίαι; ΜΑΚΑΡΙΟΣ: Ναί, ἀπεφασίσθη ἡ συνέχισίς των. ΕΡΩΤΗΣΙΣ: Ὑπάρχει αἰσιοδοξία διὰ λύσιν; ΜΑΚΑΡΙΟΣ: Πιστεύω ὅτι μὲ καλὴν θέλησιν ἀπὸ ὅλας τὰς πλευρὰς δύναται νὰ ἐπιτευχθῇ δικαία λύσις τοῦ Κυπριακοῦ. ΕΡΩΤΗΣΙΣ: Ποία ἡ θέσις τῆς Κυβερνήσεως εἰς τὸ θέμα τῆς αὐτοδιοικήσεως; ΜΑΚΑΡΙΟΣ: Δὲν δυνάμεθα νὰ δεχθῶμεν λύσιν ἡ ὁποία θὰ ὁδηγῇ εἰς διχοτόμησιν.

ΕΙΔΗΣΕΙΣ ΕΚ ΛΕΥΚΩΣΙΑΣ

ΛΕΥΚΩΣΙΑ, 15.— Ἐπανῆλθε χθὲς εἰς τὴν Λευκωσίαν ἀπὸ τὰς Ἀθήνας ὁ Ἀρχιεπίσκοπος Μακάριος. Εἰς τὸ ἀεροδρόμιον τὸν ὑπεδέχθησαν ὁ πρόεδρος τῆς Βουλῆς, μέλη τῆς κυβερνήσεως καὶ πλῆθος λαοῦ. Ἀμέσως μετὰ τὴν ἄφιξίν του ὁ Μακάριος συνεκάλεσε τὸ ὑπουργικὸν συμβούλιον.

Η ΔΙΟΡΓΑΝΩΣΙΣ ΕΠΙΣΗΜΩΝ ΕΚΔΗΛΩΣΕΩΝ ΕΙΣ ΤΟ ΠΕΡΙΠΤΕΡΟ ΤΗΣ ΔΙΕΘΝΟΥΣ ΕΚΘΕΣΕΩΣ
ΣΥΝΕΧΕΙΑ ΕΚ ΤΗΣ 1ης ΣΕΛ.

ρονται αἱ ἐπίσημοι ἐκδηλώσεις εἰς τὸ περίπτερον τῆς Διεθνοῦς Ἐκθέσεως Θεσσαλονίκης. Θὰ παρευρεθοῦν ἐκπρόσωποι τῆς κυβερνήσεως, τῶν ξένων ἀποστολῶν καὶ τῶν ἐπαγγελματικῶν ὀργανώσεων. Τὸ πρόγραμμα περιλαμβάνει ὁμιλίας, μουσικὰς ἐκδηλώσεις καὶ προβολὴν ταινιῶν.

ρονται αἱ ἐπίσημοι ἐκδηλώσεις εἰς τὸ περίπτερον τῆς Διεθνοῦς Ἐκθέσεως Θεσσαλονίκης. Θὰ παρευρεθοῦν ἐκπρόσωποι τῆς κυβερνήσεως, τῶν ξένων ἀποστολῶν καὶ τῶν ἐπαγγελματικῶν ὀργανώσεων. Τὸ πρόγραμμα περιλαμβάνει ὁμιλίας, μουσικὰς ἐκδηλώσεις καὶ προβολὴν ταινιῶν.

Ο ΠΥΡΓΟΣ ΤΟΥ Ο.Τ.Ε.

Ὁ ὑπουργὸς συγκοινωνιῶν θὰ ἐγκαινιάσῃ τὸν πύργον τοῦ Ο.Τ.Ε. εἰς τὸν χῶρον τῆς ἐκθέσεως. Ὁ πύργος θὰ φιλοξενῇ αἴθουσαν τηλεοράσεως καὶ ἐστιατόριον.

ρονται αἱ ἐπίσημοι ἐκδηλώσεις εἰς τὸ περίπτερον τῆς Διεθνοῦς Ἐκθέσεως Θεσσαλονίκης. Θὰ παρευρεθοῦν ἐκπρόσωποι τῆς κυβερνήσεως, τῶν ξένων ἀποστολῶν καὶ τῶν ἐπαγγελματικῶν ὀργανώσεων. Τὸ πρόγραμμα περιλαμβάνει ὁμιλίας, μουσικὰς ἐκδηλώσεις καὶ προβολὴν ταινιῶν.

Ὁ ὑπουργὸς συγκοινωνιῶν θὰ ἐγκαινιάσῃ τὸν πύργον τοῦ Ο.Τ.Ε. εἰς τὸν χῶρον τῆς ἐκθέσεως. Ὁ πύργος θὰ φιλοξενῇ αἴθουσαν τηλεοράσεως καὶ ἐστιατόριον.

Η ΤΑΥΤΟΤΗΣ ΤΟΥ ΑΕΡΟΠΕΙΡΑΤΟΥ
ΣΥΝΕΧΕΙΑ ΕΚ ΤΗΣ 1ης ΣΕΛ.

ὑπὸ τῆς ἀστυνομίας ἐξηκριβώθη ἡ ταυτότης τοῦ ἀεροπειρατοῦ ὁ ὁποῖος ἀπεπειράθη νὰ ἐκτρέψῃ τὸ ἀεροσκάφος. Πρόκειται περὶ ἀλλοδαποῦ ἡλικίας 31 ἐτῶν.

ὑπὸ τῆς ἀστυνομίας ἐξηκριβώθη ἡ ταυτότης τοῦ ἀεροπειρατοῦ ὁ ὁποῖος ἀπεπειράθη νὰ ἐκτρέψῃ τὸ ἀεροσκάφος. Πρόκειται περὶ ἀλλοδαποῦ ἡλικίας 31 ἐτῶν.

Η ΤΑΥΤΟΤΗΣ ΤΟΥ ΔΡΑΣΤΟΥ

ΑΓΙΟΣ ΦΡΑΓΚΙΣΚΟΣ, 15.— Ὁ δράστης τῆς ἀεροπειρατείας εἶναι Ἀμερικανὸς ὑπήκοος ἀνήκων εἰς ἐξτρεμιστικὴν ὀργάνωσιν.

ὑπὸ τῆς ἀστυνομίας ἐξηκριβώθη ἡ ταυτότης τοῦ ἀεροπειρατοῦ ὁ ὁποῖος ἀπεπειράθη νὰ ἐκτρέψῃ τὸ ἀεροσκάφος. Πρόκειται περὶ ἀλλοδαποῦ ἡλικίας 31 ἐτῶν.
